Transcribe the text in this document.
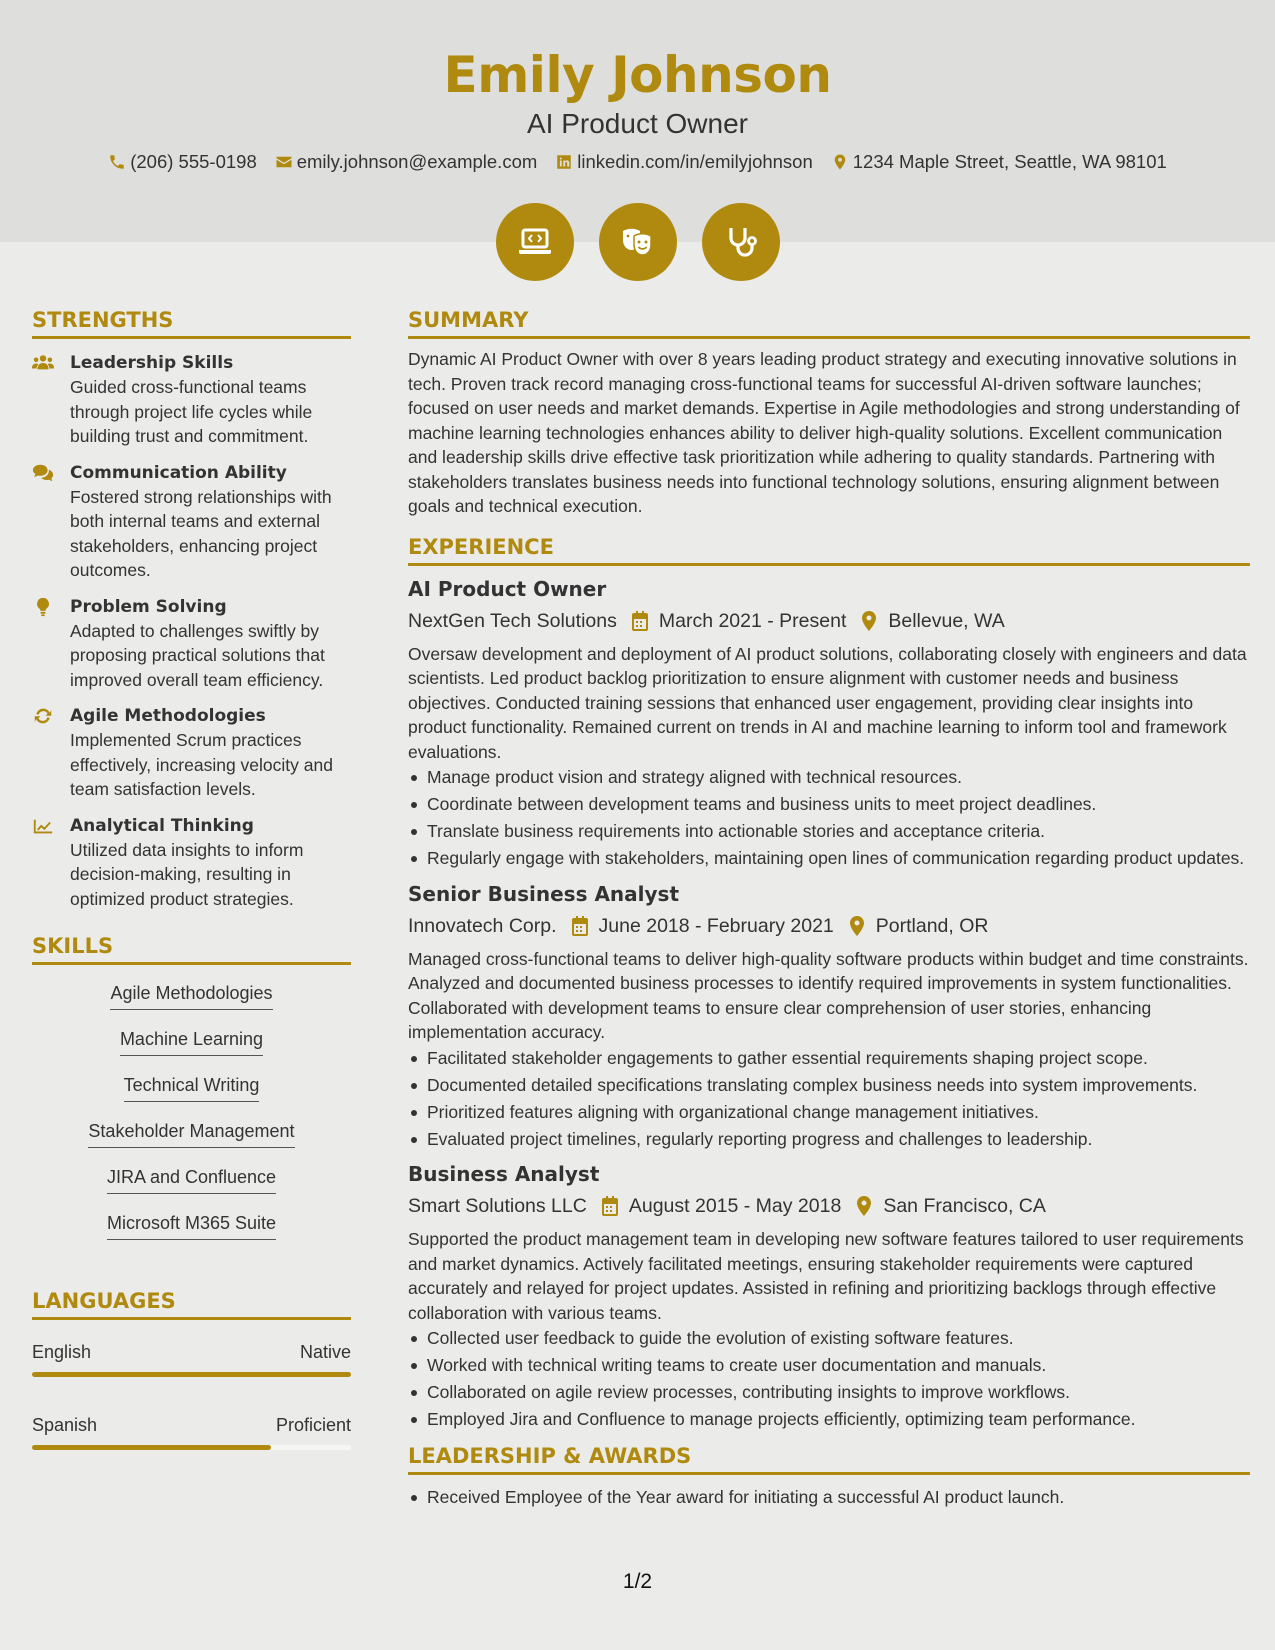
Emily Johnson
AI Product Owner
(206) 555-0198 emily.johnson@example.com linkedin.com/in/emilyjohnson 1234 Maple Street, Seattle, WA 98101
STRENGTHS
Leadership Skills
Guided cross-functional teams through project life cycles while building trust and commitment.
Communication Ability
Fostered strong relationships with both internal teams and external stakeholders, enhancing project outcomes.
Problem Solving
Adapted to challenges swiftly by proposing practical solutions that improved overall team efficiency.
Agile Methodologies
Implemented Scrum practices effectively, increasing velocity and team satisfaction levels.
Analytical Thinking
Utilized data insights to inform decision-making, resulting in optimized product strategies.
SKILLS
Agile Methodologies
Machine Learning
Technical Writing
Stakeholder Management
JIRA and Confluence
Microsoft M365 Suite
LANGUAGES
English	Native
Spanish	Proficient
SUMMARY
Dynamic AI Product Owner with over 8 years leading product strategy and executing innovative solutions in tech. Proven track record managing cross-functional teams for successful AI-driven software launches; focused on user needs and market demands. Expertise in Agile methodologies and strong understanding of machine learning technologies enhances ability to deliver high-quality solutions. Excellent communication and leadership skills drive effective task prioritization while adhering to quality standards. Partnering with stakeholders translates business needs into functional technology solutions, ensuring alignment between goals and technical execution.
EXPERIENCE
AI Product Owner
NextGen Tech Solutions March 2021 - Present Bellevue, WA
Oversaw development and deployment of AI product solutions, collaborating closely with engineers and data scientists. Led product backlog prioritization to ensure alignment with customer needs and business objectives. Conducted training sessions that enhanced user engagement, providing clear insights into product functionality. Remained current on trends in AI and machine learning to inform tool and framework evaluations.
Manage product vision and strategy aligned with technical resources.
Coordinate between development teams and business units to meet project deadlines.
Translate business requirements into actionable stories and acceptance criteria.
Regularly engage with stakeholders, maintaining open lines of communication regarding product updates.
Senior Business Analyst
Innovatech Corp. June 2018 - February 2021 Portland, OR
Managed cross-functional teams to deliver high-quality software products within budget and time constraints. Analyzed and documented business processes to identify required improvements in system functionalities. Collaborated with development teams to ensure clear comprehension of user stories, enhancing implementation accuracy.
Facilitated stakeholder engagements to gather essential requirements shaping project scope.
Documented detailed specifications translating complex business needs into system improvements.
Prioritized features aligning with organizational change management initiatives.
Evaluated project timelines, regularly reporting progress and challenges to leadership.
Business Analyst
Smart Solutions LLC August 2015 - May 2018 San Francisco, CA
Supported the product management team in developing new software features tailored to user requirements and market dynamics. Actively facilitated meetings, ensuring stakeholder requirements were captured accurately and relayed for project updates. Assisted in refining and prioritizing backlogs through effective collaboration with various teams.
Collected user feedback to guide the evolution of existing software features.
Worked with technical writing teams to create user documentation and manuals.
Collaborated on agile review processes, contributing insights to improve workflows.
Employed Jira and Confluence to manage projects efficiently, optimizing team performance.
LEADERSHIP & AWARDS
Received Employee of the Year award for initiating a successful AI product launch.
1/2
